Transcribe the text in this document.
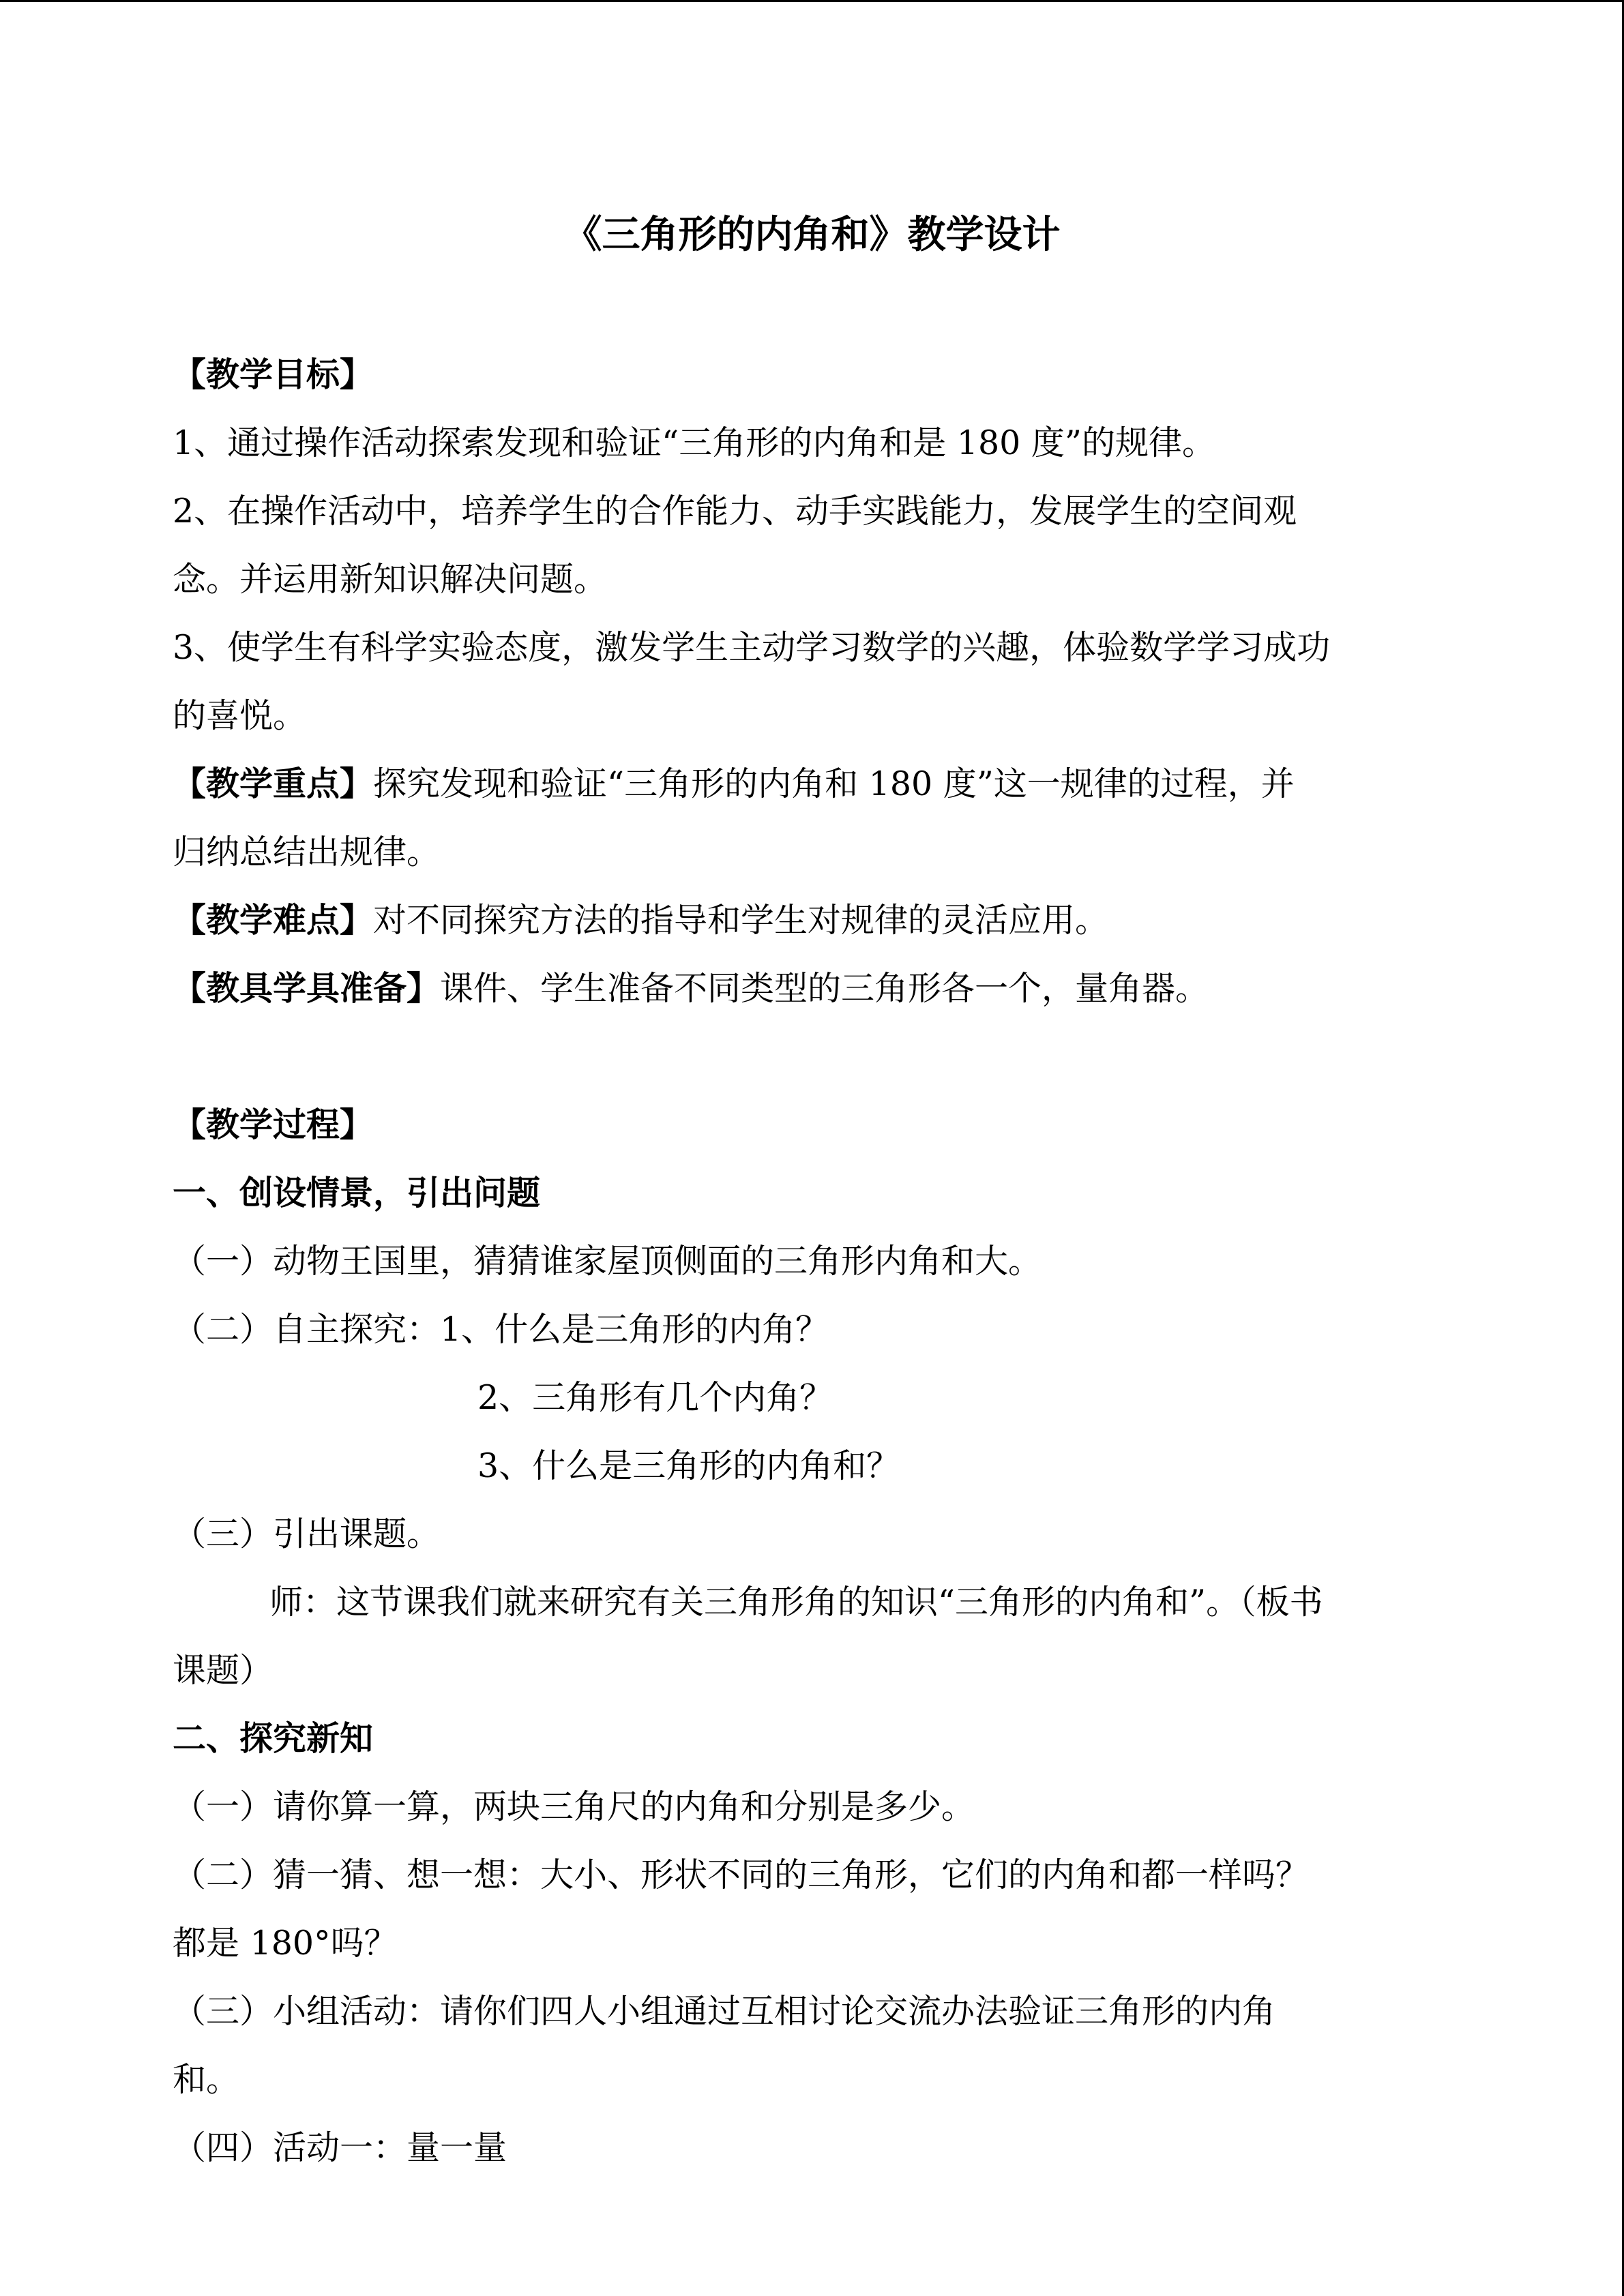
《三角形的内角和》教学设计
【教学目标】
1、通过操作活动探索发现和验证“三角形的内角和是 180 度”的规律。
2、在操作活动中，培养学生的合作能力、动手实践能力，发展学生的空间观
念。并运用新知识解决问题。
3、使学生有科学实验态度，激发学生主动学习数学的兴趣，体验数学学习成功
的喜悦。
【教学重点】探究发现和验证“三角形的内角和 180 度”这一规律的过程，并
归纳总结出规律。
【教学难点】对不同探究方法的指导和学生对规律的灵活应用。
【教具学具准备】课件、学生准备不同类型的三角形各一个，量角器。
【教学过程】
一、创设情景，引出问题
（一）动物王国里，猜猜谁家屋顶侧面的三角形内角和大。
（二）自主探究：1、什么是三角形的内角？
2、三角形有几个内角？
3、什么是三角形的内角和？
（三）引出课题。
师：这节课我们就来研究有关三角形角的知识“三角形的内角和”。（板书
课题）
二、探究新知
（一）请你算一算，两块三角尺的内角和分别是多少。
（二）猜一猜、想一想：大小、形状不同的三角形，它们的内角和都一样吗？
都是 180°吗？
（三）小组活动：请你们四人小组通过互相讨论交流办法验证三角形的内角
和。
（四）活动一：量一量
